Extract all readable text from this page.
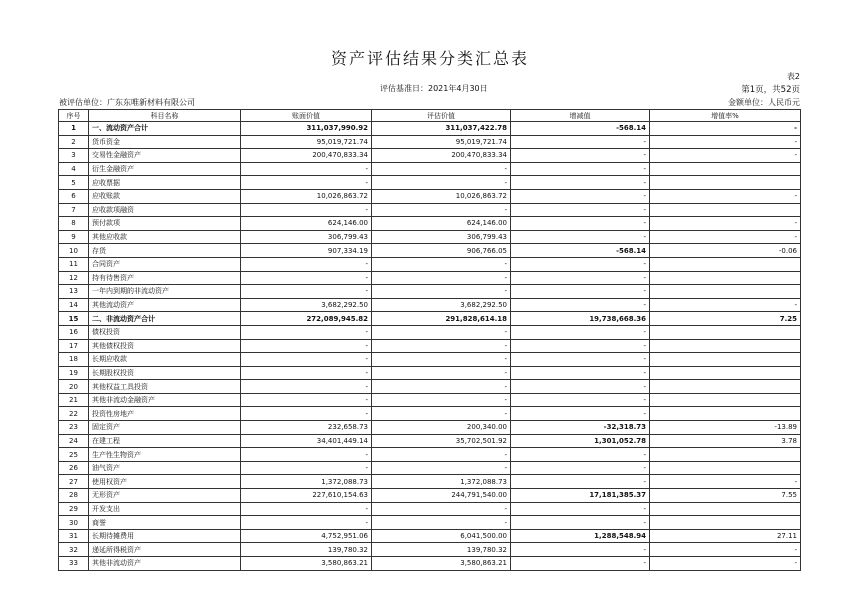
资产评估结果分类汇总表
表2
评估基准日：2021年4月30日	第1页，共52页
被评估单位：广东东唯新材料有限公司	金额单位：人民币元
序号	科目名称	账面价值	评估价值	增减值	增值率%
1	一、流动资产合计	311,037,990.92	311,037,422.78	-568.14	-
2	货币资金	95,019,721.74	95,019,721.74	-	-
3	交易性金融资产	200,470,833.34	200,470,833.34	-	-
4	衍生金融资产	-	-	-	
5	应收票据	-	-	-	
6	应收账款	10,026,863.72	10,026,863.72	-	-
7	应收款项融资	-	-	-	
8	预付款项	624,146.00	624,146.00	-	-
9	其他应收款	306,799.43	306,799.43	-	-
10	存货	907,334.19	906,766.05	-568.14	-0.06
11	合同资产	-	-	-	
12	持有待售资产	-	-	-	
13	一年内到期的非流动资产	-	-	-	
14	其他流动资产	3,682,292.50	3,682,292.50	-	-
15	二、非流动资产合计	272,089,945.82	291,828,614.18	19,738,668.36	7.25
16	债权投资	-	-	-	
17	其他债权投资	-	-	-	
18	长期应收款	-	-	-	
19	长期股权投资	-	-	-	
20	其他权益工具投资	-	-	-	
21	其他非流动金融资产	-	-	-	
22	投资性房地产	-	-	-	
23	固定资产	232,658.73	200,340.00	-32,318.73	-13.89
24	在建工程	34,401,449.14	35,702,501.92	1,301,052.78	3.78
25	生产性生物资产	-	-	-	
26	油气资产	-	-	-	
27	使用权资产	1,372,088.73	1,372,088.73	-	-
28	无形资产	227,610,154.63	244,791,540.00	17,181,385.37	7.55
29	开发支出	-	-	-	
30	商誉	-	-	-	
31	长期待摊费用	4,752,951.06	6,041,500.00	1,288,548.94	27.11
32	递延所得税资产	139,780.32	139,780.32	-	-
33	其他非流动资产	3,580,863.21	3,580,863.21	-	-
